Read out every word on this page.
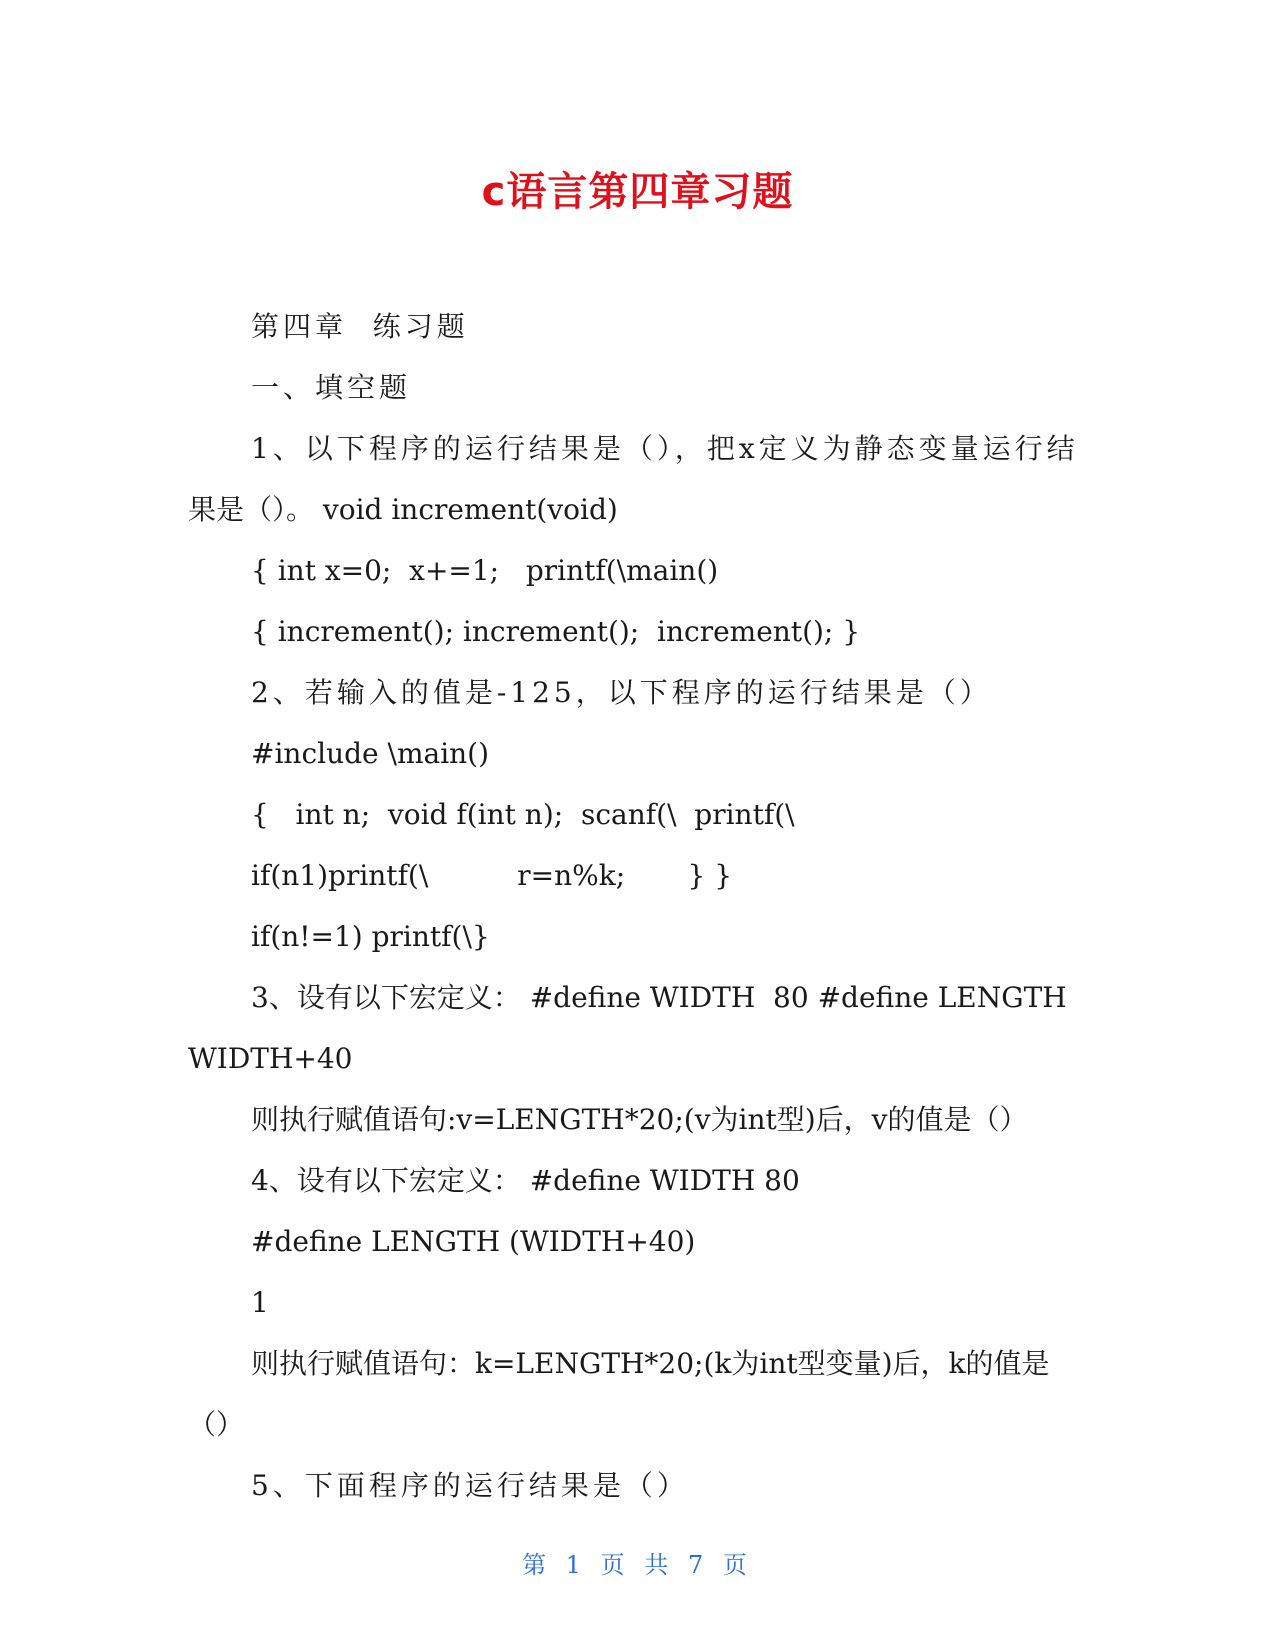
c语言第四章习题

第四章  练习题

一、填空题

1、以下程序的运行结果是（），把x定义为静态变量运行结

果是（）。 void increment(void)

{ int x=0;  x+=1;   printf(\main()

{ increment(); increment();  increment(); }

2、若输入的值是-125，以下程序的运行结果是（）

#include \main()

{   int n;  void f(int n);  scanf(\  printf(\

if(n1)printf(\          r=n%k;       } }

if(n!=1) printf(\}

3、设有以下宏定义： #define WIDTH  80 #define LENGTH

WIDTH+40

则执行赋值语句:v=LENGTH*20;(v为int型)后，v的值是（）

4、设有以下宏定义： #define WIDTH 80

#define LENGTH (WIDTH+40)

1

则执行赋值语句：k=LENGTH*20;(k为int型变量)后，k的值是

（）

5、下面程序的运行结果是（）

第 1 页 共 7 页
